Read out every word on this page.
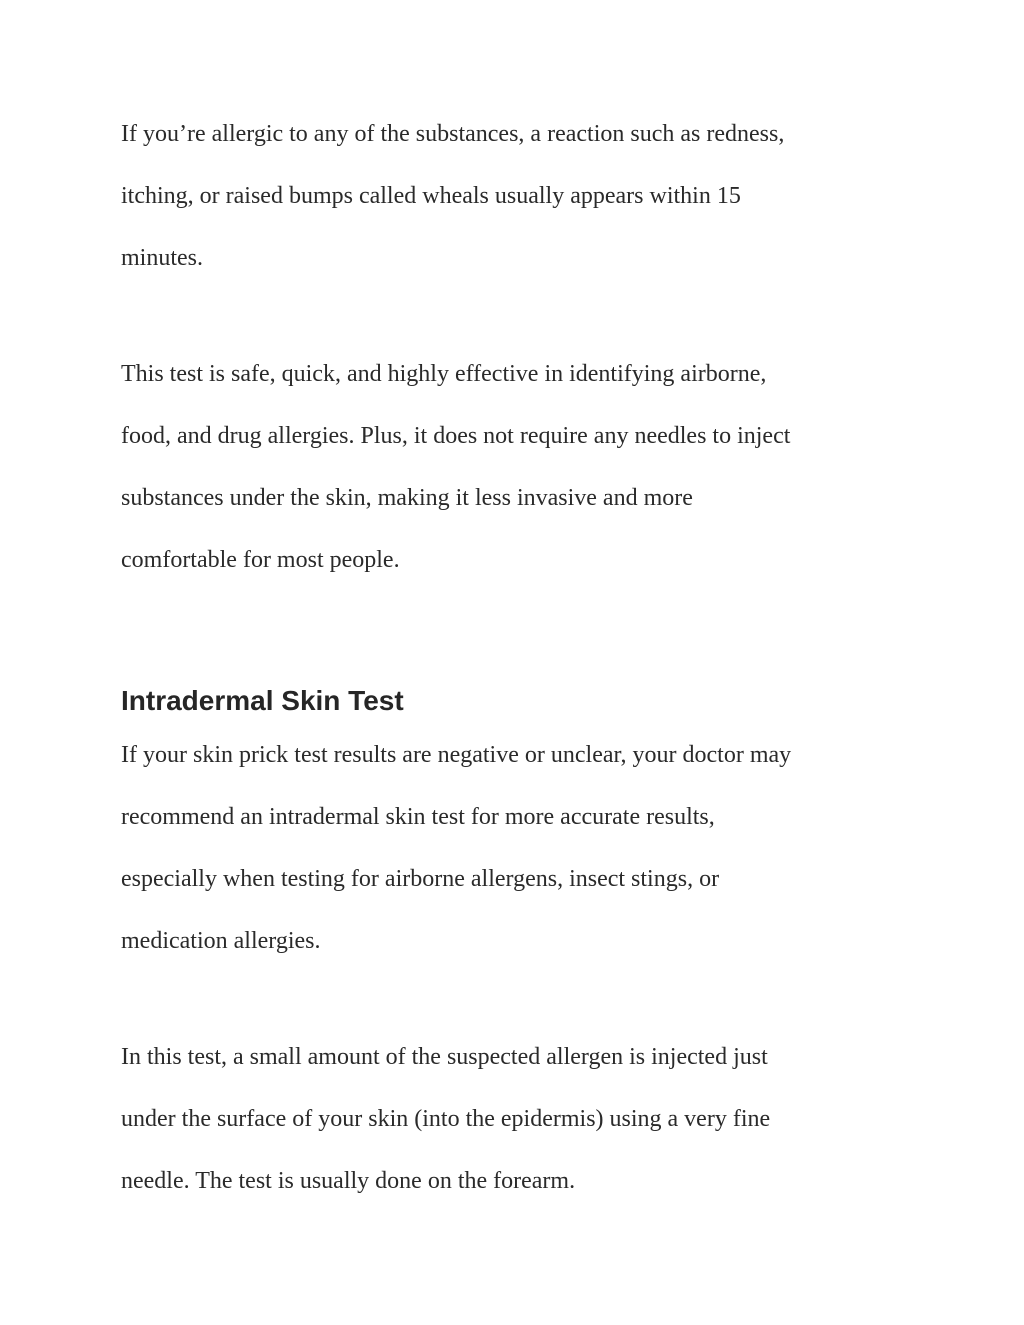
If you’re allergic to any of the substances, a reaction such as redness,
itching, or raised bumps called wheals usually appears within 15
minutes.
This test is safe, quick, and highly effective in identifying airborne,
food, and drug allergies. Plus, it does not require any needles to inject
substances under the skin, making it less invasive and more
comfortable for most people.
Intradermal Skin Test
If your skin prick test results are negative or unclear, your doctor may
recommend an intradermal skin test for more accurate results,
especially when testing for airborne allergens, insect stings, or
medication allergies.
In this test, a small amount of the suspected allergen is injected just
under the surface of your skin (into the epidermis) using a very fine
needle. The test is usually done on the forearm.
